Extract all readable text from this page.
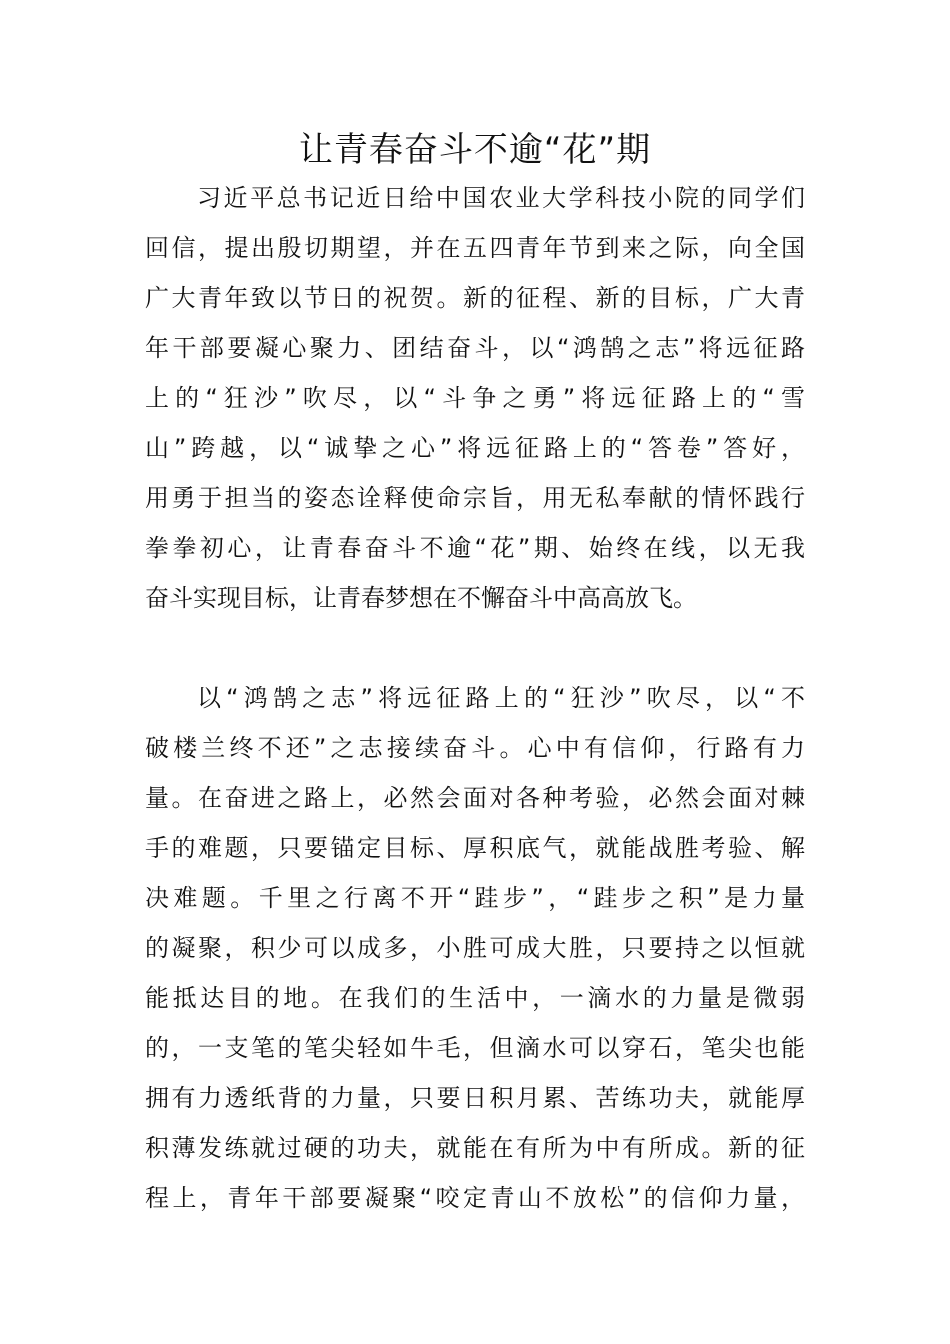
让青春奋斗不逾“花”期
习近平总书记近日给中国农业大学科技小院的同学们
回信，提出殷切期望，并在五四青年节到来之际，向全国
广大青年致以节日的祝贺。新的征程、新的目标，广大青
年干部要凝心聚力、团结奋斗，以“鸿鹄之志”将远征路
上的“狂沙”吹尽，以“斗争之勇”将远征路上的“雪
山”跨越，以“诚挚之心”将远征路上的“答卷”答好，
用勇于担当的姿态诠释使命宗旨，用无私奉献的情怀践行
拳拳初心，让青春奋斗不逾“花”期、始终在线，以无我
奋斗实现目标，让青春梦想在不懈奋斗中高高放飞。
以“鸿鹄之志”将远征路上的“狂沙”吹尽，以“不
破楼兰终不还”之志接续奋斗。心中有信仰，行路有力
量。在奋进之路上，必然会面对各种考验，必然会面对棘
手的难题，只要锚定目标、厚积底气，就能战胜考验、解
决难题。千里之行离不开“跬步”，“跬步之积”是力量
的凝聚，积少可以成多，小胜可成大胜，只要持之以恒就
能抵达目的地。在我们的生活中，一滴水的力量是微弱
的，一支笔的笔尖轻如牛毛，但滴水可以穿石，笔尖也能
拥有力透纸背的力量，只要日积月累、苦练功夫，就能厚
积薄发练就过硬的功夫，就能在有所为中有所成。新的征
程上，青年干部要凝聚“咬定青山不放松”的信仰力量，
